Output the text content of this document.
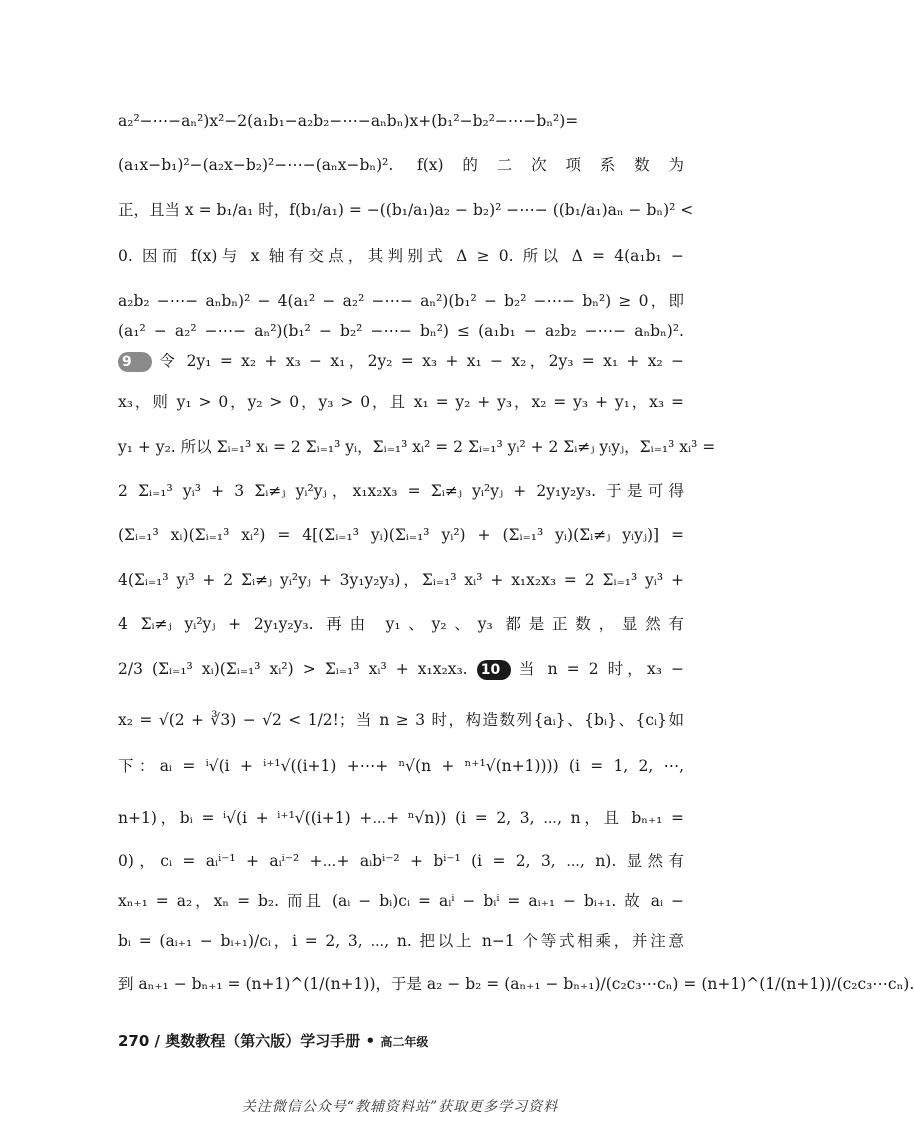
a₂²−⋯−aₙ²)x²−2(a₁b₁−a₂b₂−⋯−aₙbₙ)x+(b₁²−b₂²−⋯−bₙ²)=
(a₁x−b₁)²−(a₂x−b₂)²−⋯−(aₙx−bₙ)². f(x)的二次项系数为
正，且当 x = b₁/a₁ 时，f(b₁/a₁) = −((b₁/a₁)a₂ − b₂)² −⋯− ((b₁/a₁)aₙ − bₙ)² <
0. 因而 f(x)与 x 轴有交点，其判别式 Δ ≥ 0. 所以 Δ = 4(a₁b₁ −
a₂b₂ −⋯− aₙbₙ)² − 4(a₁² − a₂² −⋯− aₙ²)(b₁² − b₂² −⋯− bₙ²) ≥ 0，即
(a₁² − a₂² −⋯− aₙ²)(b₁² − b₂² −⋯− bₙ²) ≤ (a₁b₁ − a₂b₂ −⋯− aₙbₙ)².
9 令 2y₁ = x₂ + x₃ − x₁，2y₂ = x₃ + x₁ − x₂，2y₃ = x₁ + x₂ −
x₃，则 y₁ > 0，y₂ > 0，y₃ > 0，且 x₁ = y₂ + y₃，x₂ = y₃ + y₁，x₃ =
y₁ + y₂. 所以 Σᵢ₌₁³ xᵢ = 2 Σᵢ₌₁³ yᵢ，Σᵢ₌₁³ xᵢ² = 2 Σᵢ₌₁³ yᵢ² + 2 Σᵢ≠ⱼ yᵢyⱼ，Σᵢ₌₁³ xᵢ³ =
2 Σᵢ₌₁³ yᵢ³ + 3 Σᵢ≠ⱼ yᵢ²yⱼ，x₁x₂x₃ = Σᵢ≠ⱼ yᵢ²yⱼ + 2y₁y₂y₃. 于是可得
(Σᵢ₌₁³ xᵢ)(Σᵢ₌₁³ xᵢ²) = 4[(Σᵢ₌₁³ yᵢ)(Σᵢ₌₁³ yᵢ²) + (Σᵢ₌₁³ yᵢ)(Σᵢ≠ⱼ yᵢyⱼ)] =
4(Σᵢ₌₁³ yᵢ³ + 2 Σᵢ≠ⱼ yᵢ²yⱼ + 3y₁y₂y₃)，Σᵢ₌₁³ xᵢ³ + x₁x₂x₃ = 2 Σᵢ₌₁³ yᵢ³ +
4 Σᵢ≠ⱼ yᵢ²yⱼ + 2y₁y₂y₃. 再由 y₁、y₂、y₃ 都是正数，显然有
2/3 (Σᵢ₌₁³ xᵢ)(Σᵢ₌₁³ xᵢ²) > Σᵢ₌₁³ xᵢ³ + x₁x₂x₃. 10 当 n = 2 时，x₃ −
x₂ = √(2 + ∛3) − √2 < 1/2!；当 n ≥ 3 时，构造数列{aᵢ}、{bᵢ}、{cᵢ}如
下：aᵢ = ⁱ√(i + ⁱ⁺¹√((i+1) +⋯+ ⁿ√(n + ⁿ⁺¹√(n+1)))) (i = 1, 2, ⋯,
n+1)，bᵢ = ⁱ√(i + ⁱ⁺¹√((i+1) +⋯+ ⁿ√n)) (i = 2, 3, ⋯, n，且 bₙ₊₁ =
0)，cᵢ = aᵢⁱ⁻¹ + aᵢⁱ⁻² +⋯+ aᵢbⁱ⁻² + bⁱ⁻¹ (i = 2, 3, ⋯, n). 显然有
xₙ₊₁ = a₂，xₙ = b₂. 而且 (aᵢ − bᵢ)cᵢ = aᵢⁱ − bᵢⁱ = aᵢ₊₁ − bᵢ₊₁. 故 aᵢ −
bᵢ = (aᵢ₊₁ − bᵢ₊₁)/cᵢ，i = 2, 3, ⋯, n. 把以上 n−1 个等式相乘，并注意
到 aₙ₊₁ − bₙ₊₁ = (n+1)^(1/(n+1))，于是 a₂ − b₂ = (aₙ₊₁ − bₙ₊₁)/(c₂c₃⋯cₙ) = (n+1)^(1/(n+1))/(c₂c₃⋯cₙ).
270 / 奥数教程（第六版）学习手册 • 高二年级
关注微信公众号“教辅资料站”获取更多学习资料
